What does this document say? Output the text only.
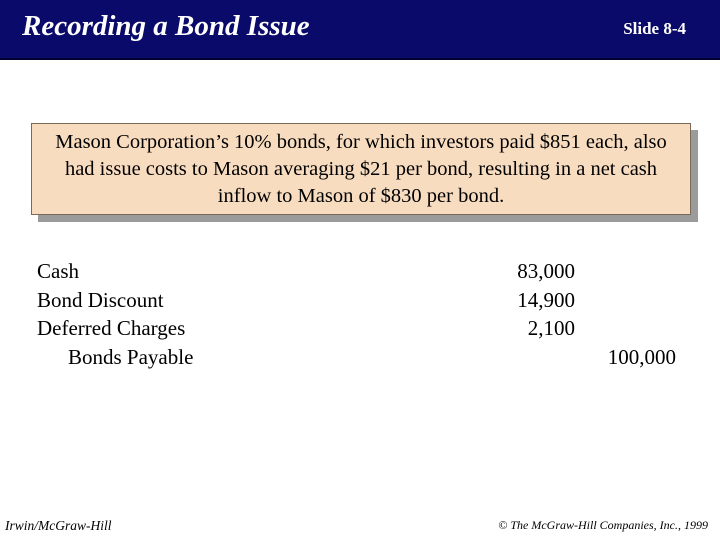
Recording a Bond Issue	Slide 8-4

Mason Corporation’s 10% bonds, for which investors paid $851 each, also had issue costs to Mason averaging $21 per bond, resulting in a net cash inflow to Mason of $830 per bond.

Cash	83,000
Bond Discount	14,900
Deferred Charges	2,100
Bonds Payable	100,000
Irwin/McGraw-Hill	© The McGraw-Hill Companies, Inc., 1999
